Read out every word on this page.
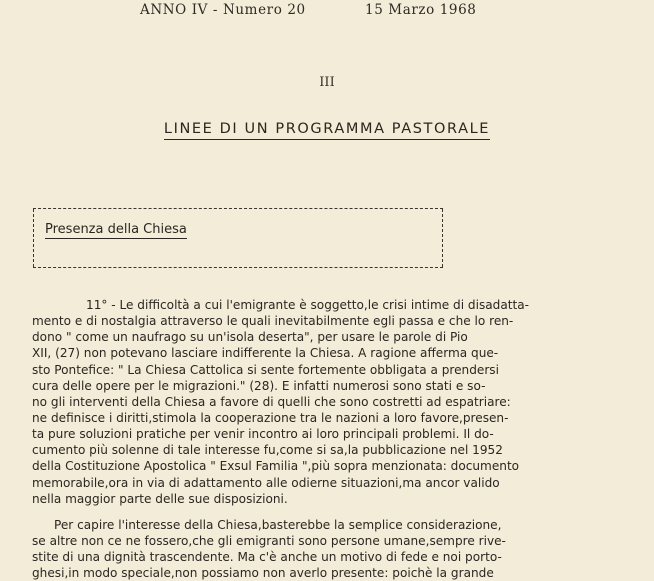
ANNO IV - Numero 20	15 Marzo 1968
III
LINEE DI UN PROGRAMMA PASTORALE
Presenza della Chiesa
11° - Le difficoltà a cui l'emigrante è soggetto,le crisi intime di disadatta-
mento e di nostalgia attraverso le quali inevitabilmente egli passa e che lo ren-
dono " come un naufrago su un'isola deserta", per usare le parole di Pio
XII, (27) non potevano lasciare indifferente la Chiesa. A ragione afferma que-
sto Pontefice: " La Chiesa Cattolica si sente fortemente obbligata a prendersi
cura delle opere per le migrazioni." (28). E infatti numerosi sono stati e so-
no gli interventi della Chiesa a favore di quelli che sono costretti ad espatriare:
ne definisce i diritti,stimola la cooperazione tra le nazioni a loro favore,presen-
ta pure soluzioni pratiche per venir incontro ai loro principali problemi. Il do-
cumento più solenne di tale interesse fu,come si sa,la pubblicazione nel 1952
della Costituzione Apostolica " Exsul Familia ",più sopra menzionata: documento
memorabile,ora in via di adattamento alle odierne situazioni,ma ancor valido
nella maggior parte delle sue disposizioni.
Per capire l'interesse della Chiesa,basterebbe la semplice considerazione,
se altre non ce ne fossero,che gli emigranti sono persone umane,sempre rive-
stite di una dignità trascendente. Ma c'è anche un motivo di fede e noi porto-
ghesi,in modo speciale,non possiamo non averlo presente: poichè la grande
